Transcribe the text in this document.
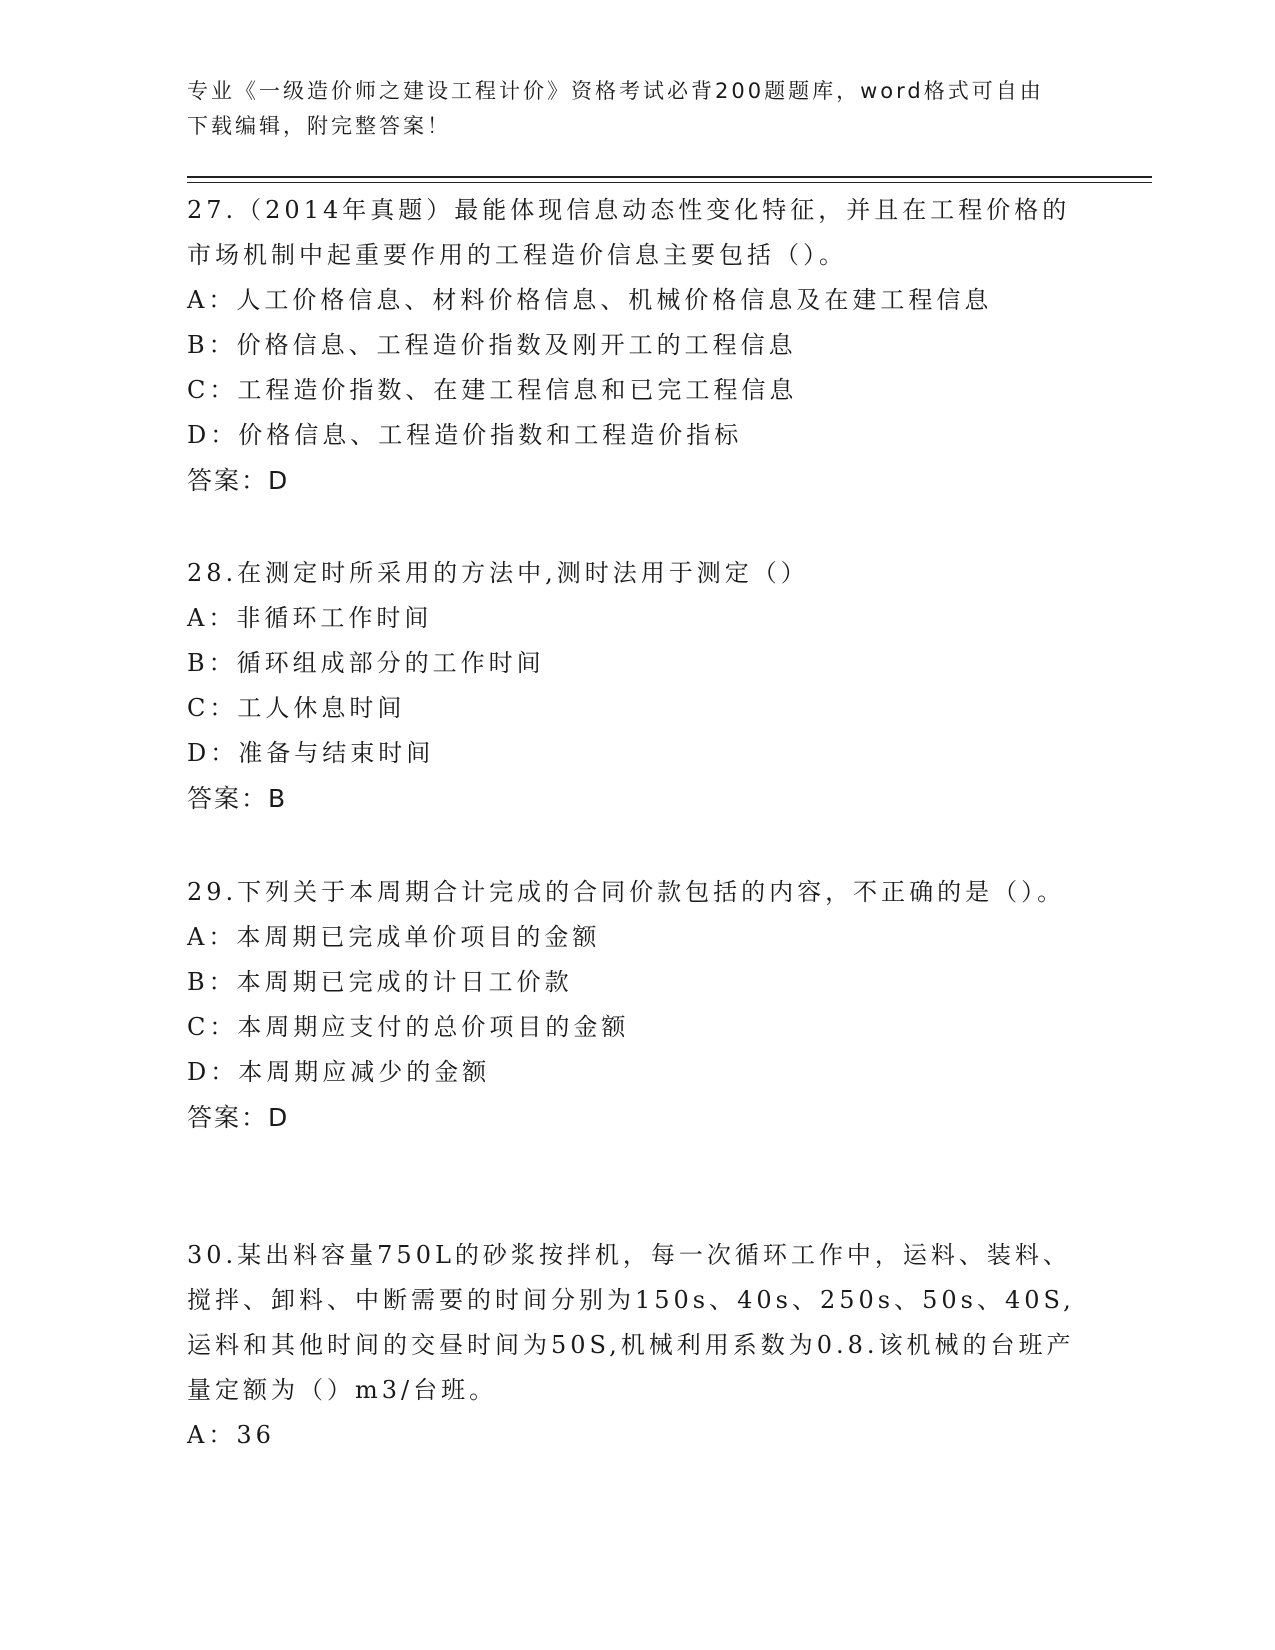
专业《一级造价师之建设工程计价》资格考试必背200题题库，word格式可自由
下载编辑，附完整答案！

27.（2014年真题）最能体现信息动态性变化特征，并且在工程价格的市场机制中起重要作用的工程造价信息主要包括（）。

A：人工价格信息、材料价格信息、机械价格信息及在建工程信息

B：价格信息、工程造价指数及刚开工的工程信息

C：工程造价指数、在建工程信息和已完工程信息

D：价格信息、工程造价指数和工程造价指标

答案：D

28.在测定时所采用的方法中,测时法用于测定（）

A：非循环工作时间

B：循环组成部分的工作时间

C：工人休息时间

D：准备与结束时间

答案：B

29.下列关于本周期合计完成的合同价款包括的内容，不正确的是（）。

A：本周期已完成单价项目的金额

B：本周期已完成的计日工价款

C：本周期应支付的总价项目的金额

D：本周期应减少的金额

答案：D

30.某出料容量750L的砂浆按拌机，每一次循环工作中，运料、装料、搅拌、卸料、中断需要的时间分别为150s、40s、250s、50s、40S,运料和其他时间的交昼时间为50S,机械利用系数为0.8.该机械的台班产量定额为（）m3/台班。

A：36
